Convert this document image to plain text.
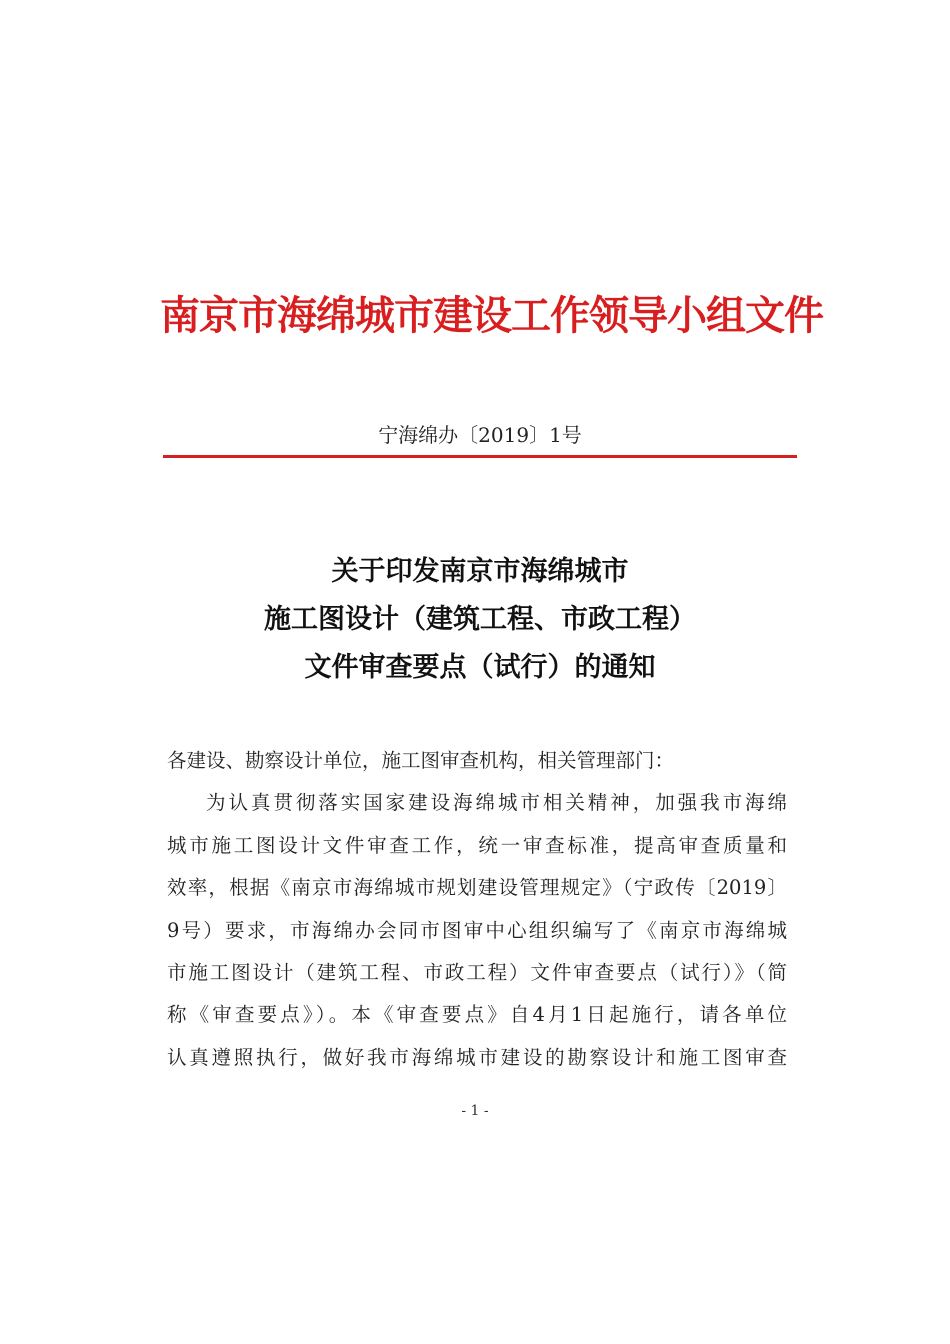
南京市海绵城市建设工作领导小组文件
宁海绵办〔2019〕1号
关于印发南京市海绵城市
施工图设计（建筑工程、市政工程）
文件审查要点（试行）的通知

各建设、勘察设计单位，施工图审查机构，相关管理部门：

为认真贯彻落实国家建设海绵城市相关精神，加强我市海绵

城市施工图设计文件审查工作，统一审查标准，提高审查质量和

效率，根据《南京市海绵城市规划建设管理规定》（宁政传〔2019〕

9号）要求，市海绵办会同市图审中心组织编写了《南京市海绵城

市施工图设计（建筑工程、市政工程）文件审查要点（试行）》（简

称《审查要点》）。本《审查要点》自4月1日起施行，请各单位

认真遵照执行，做好我市海绵城市建设的勘察设计和施工图审查

- 1 -
